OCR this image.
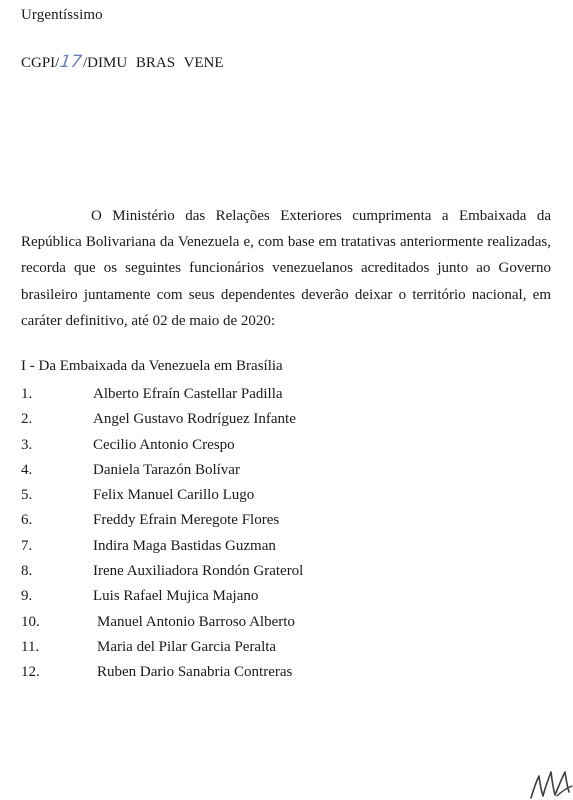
Urgentíssimo
CGPI/17/DIMU BRAS VENE

O Ministério das Relações Exteriores cumprimenta a Embaixada da República Bolivariana da Venezuela e, com base em tratativas anteriormente realizadas, recorda que os seguintes funcionários venezuelanos acreditados junto ao Governo brasileiro juntamente com seus dependentes deverão deixar o território nacional, em caráter definitivo, até 02 de maio de 2020:

I - Da Embaixada da Venezuela em Brasília
1.	Alberto Efraín Castellar Padilla
2.	Angel Gustavo Rodríguez Infante
3.	Cecilio Antonio Crespo
4.	Daniela Tarazón Bolívar
5.	Felix Manuel Carillo Lugo
6.	Freddy Efrain Meregote Flores
7.	Indira Maga Bastidas Guzman
8.	Irene Auxiliadora Rondón Graterol
9.	Luis Rafael Mujica Majano
10.	Manuel Antonio Barroso Alberto
11.	Maria del Pilar Garcia Peralta
12.	Ruben Dario Sanabria Contreras
